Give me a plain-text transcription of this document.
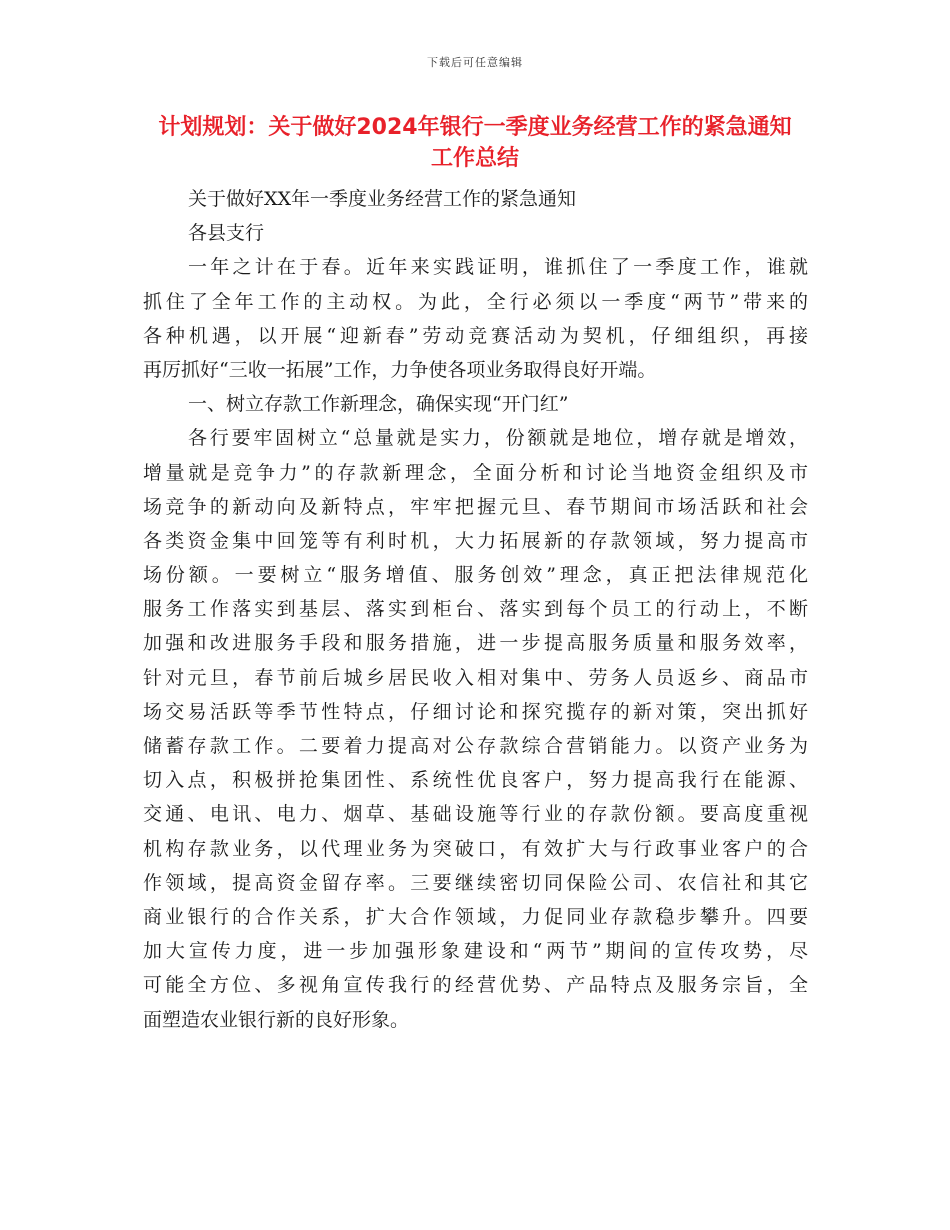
下载后可任意编辑
计划规划：关于做好2024年银行一季度业务经营工作的紧急通知
工作总结
关于做好XX年一季度业务经营工作的紧急通知
各县支行
一年之计在于春。近年来实践证明，谁抓住了一季度工作，谁就
抓住了全年工作的主动权。为此，全行必须以一季度“两节”带来的
各种机遇，以开展“迎新春”劳动竞赛活动为契机，仔细组织，再接
再厉抓好“三收一拓展”工作，力争使各项业务取得良好开端。
一、树立存款工作新理念，确保实现“开门红”
各行要牢固树立“总量就是实力，份额就是地位，增存就是增效，
增量就是竞争力”的存款新理念，全面分析和讨论当地资金组织及市
场竞争的新动向及新特点，牢牢把握元旦、春节期间市场活跃和社会
各类资金集中回笼等有利时机，大力拓展新的存款领域，努力提高市
场份额。一要树立“服务增值、服务创效”理念，真正把法律规范化
服务工作落实到基层、落实到柜台、落实到每个员工的行动上，不断
加强和改进服务手段和服务措施，进一步提高服务质量和服务效率，
针对元旦，春节前后城乡居民收入相对集中、劳务人员返乡、商品市
场交易活跃等季节性特点，仔细讨论和探究揽存的新对策，突出抓好
储蓄存款工作。二要着力提高对公存款综合营销能力。以资产业务为
切入点，积极拼抢集团性、系统性优良客户，努力提高我行在能源、
交通、电讯、电力、烟草、基础设施等行业的存款份额。要高度重视
机构存款业务，以代理业务为突破口，有效扩大与行政事业客户的合
作领域，提高资金留存率。三要继续密切同保险公司、农信社和其它
商业银行的合作关系，扩大合作领域，力促同业存款稳步攀升。四要
加大宣传力度，进一步加强形象建设和“两节”期间的宣传攻势，尽
可能全方位、多视角宣传我行的经营优势、产品特点及服务宗旨，全
面塑造农业银行新的良好形象。
